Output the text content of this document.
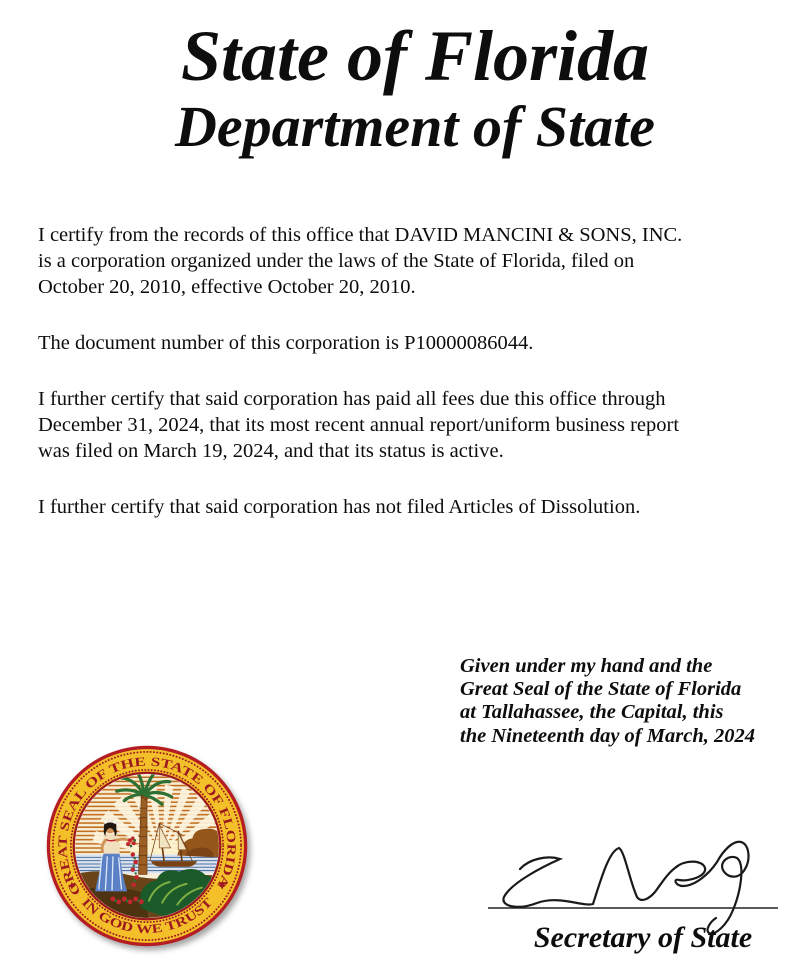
State of Florida
Department of State

I certify from the records of this office that DAVID MANCINI & SONS, INC.
is a corporation organized under the laws of the State of Florida, filed on
October 20, 2010, effective October 20, 2010.

The document number of this corporation is P10000086044.

I further certify that said corporation has paid all fees due this office through
December 31, 2024, that its most recent annual report/uniform business report
was filed on March 19, 2024, and that its status is active.

I further certify that said corporation has not filed Articles of Dissolution.

Given under my hand and the
Great Seal of the State of Florida
at Tallahassee, the Capital, this
the Nineteenth day of March, 2024
GREAT SEAL OF THE STATE OF FLORIDA
IN GOD WE TRUST
Secretary of State
